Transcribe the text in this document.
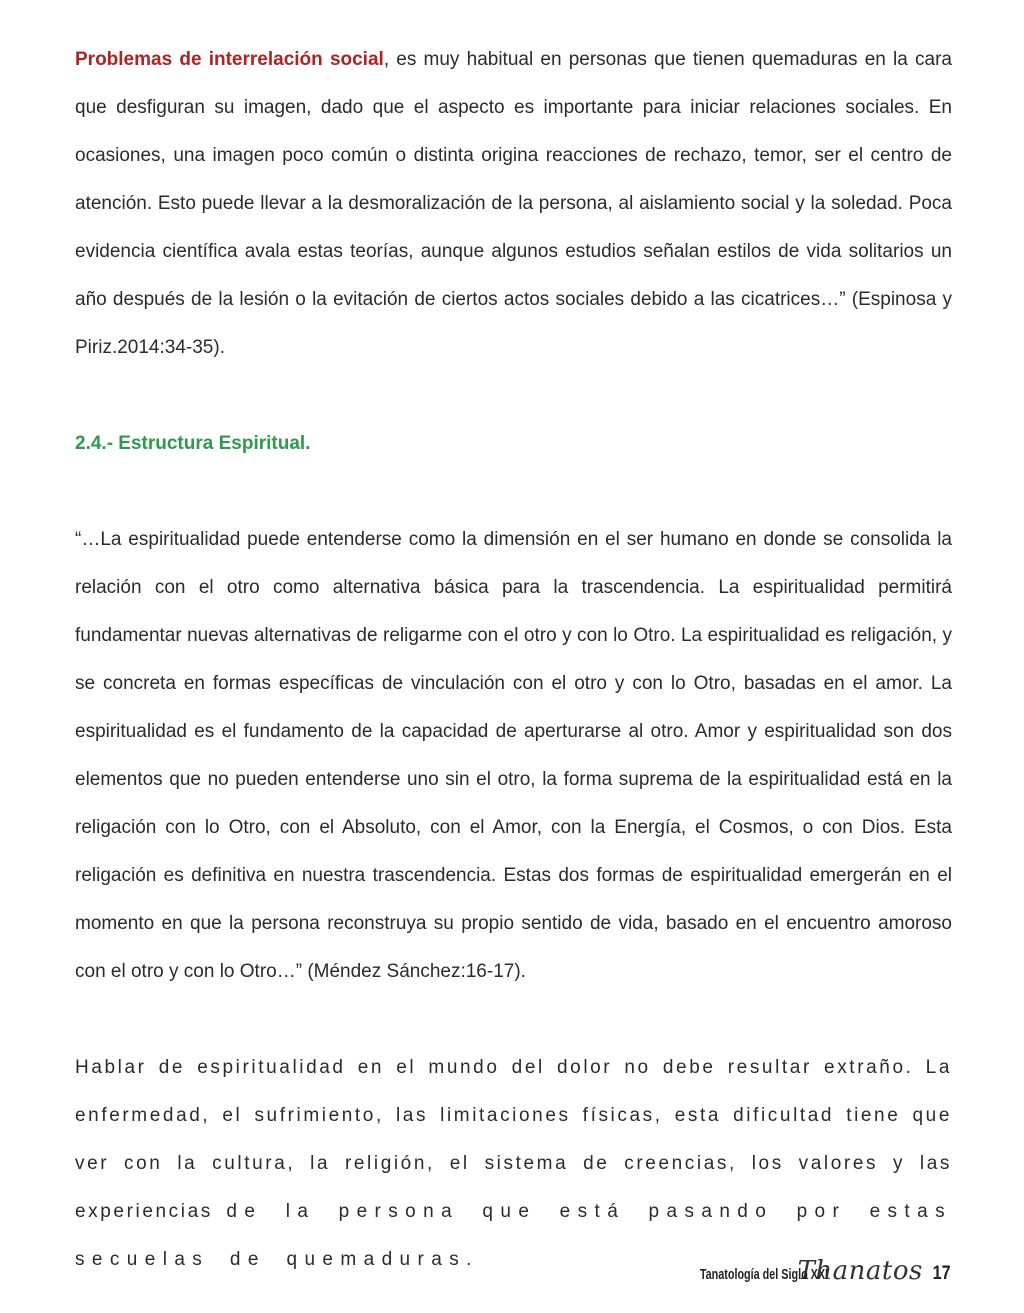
Problemas de interrelación social, es muy habitual en personas que tienen quemaduras en la cara que desfiguran su imagen, dado que el aspecto es importante para iniciar relaciones sociales. En ocasiones, una imagen poco común o distinta origina reacciones de rechazo, temor, ser el centro de atención. Esto puede llevar a la desmoralización de la persona, al aislamiento social y la soledad. Poca evidencia científica avala estas teorías, aunque algunos estudios señalan estilos de vida solitarios un año después de la lesión o la evitación de ciertos actos sociales debido a las cicatrices…” (Espinosa y Piriz.2014:34-35).

2.4.- Estructura Espiritual.

“…La espiritualidad puede entenderse como la dimensión en el ser humano en donde se consolida la relación con el otro como alternativa básica para la trascendencia. La espiritualidad permitirá fundamentar nuevas alternativas de religarme con el otro y con lo Otro. La espiritualidad es religación, y se concreta en formas específicas de vinculación con el otro y con lo Otro, basadas en el amor. La espiritualidad es el fundamento de la capacidad de aperturarse al otro. Amor y espiritualidad son dos elementos que no pueden entenderse uno sin el otro, la forma suprema de la espiritualidad está en la religación con lo Otro, con el Absoluto, con el Amor, con la Energía, el Cosmos, o con Dios. Esta religación es definitiva en nuestra trascendencia. Estas dos formas de espiritualidad emergerán en el momento en que la persona reconstruya su propio sentido de vida, basado en el encuentro amoroso con el otro y con lo Otro…” (Méndez Sánchez:16-17).

Hablar de espiritualidad en el mundo del dolor no debe resultar extraño. La enfermedad, el sufrimiento, las limitaciones físicas, esta dificultad tiene que ver con la cultura, la religión, el sistema de creencias, los valores y las experiencias de la persona que está pasando por estas secuelas de quemaduras.

Tanatología del Siglo XXI
Thanatos 17
